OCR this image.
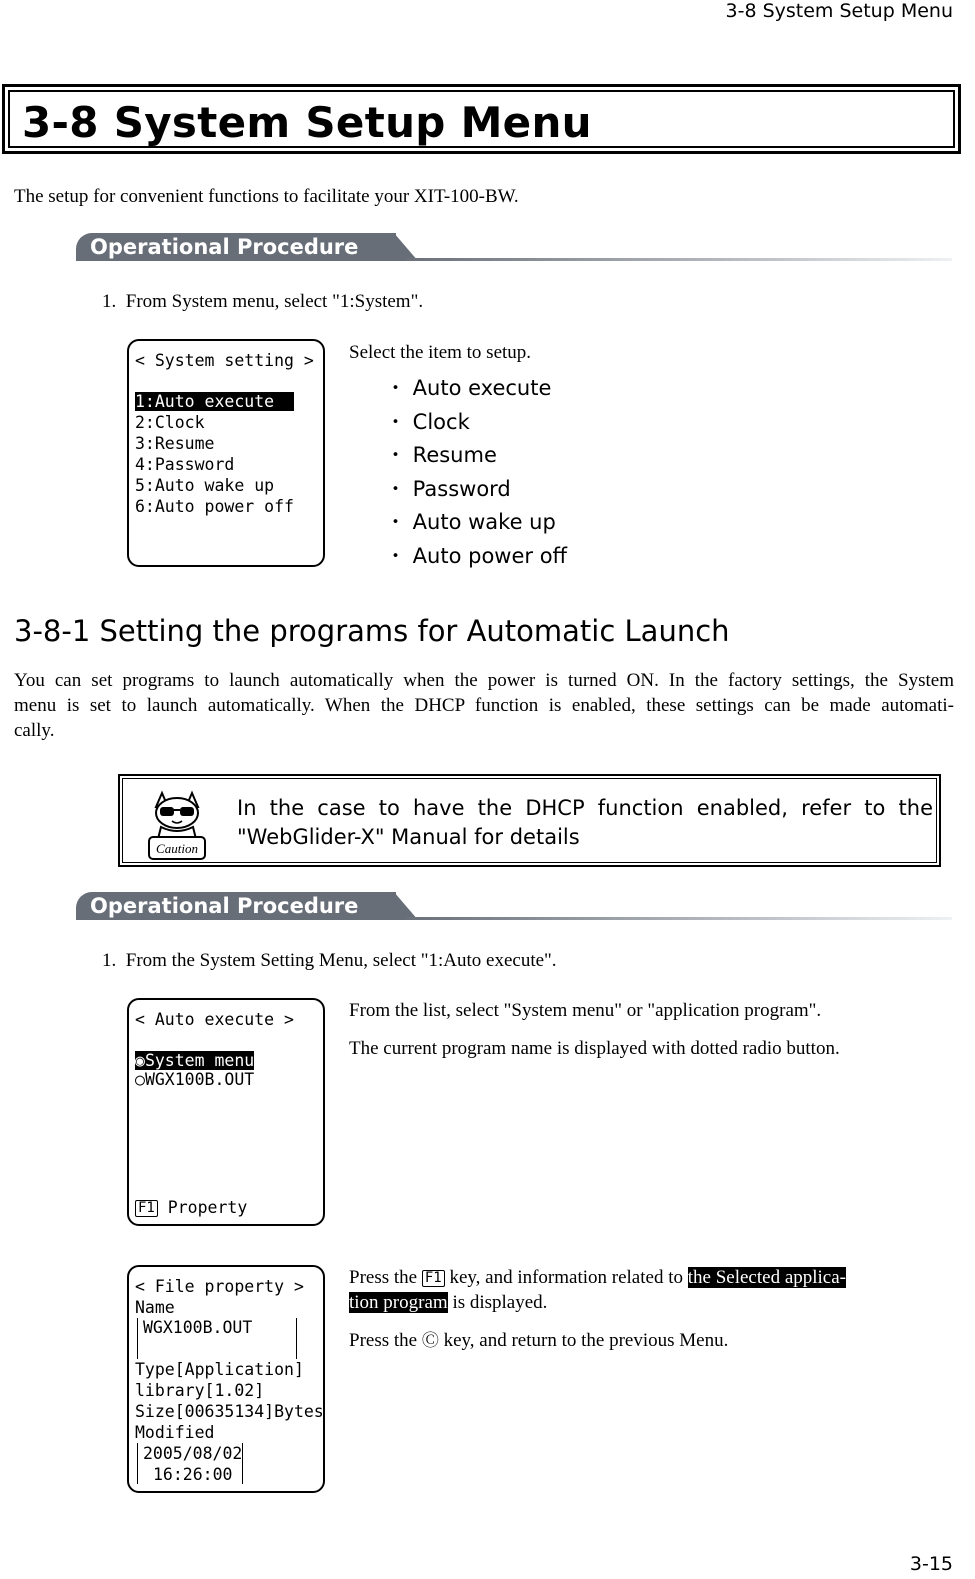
3-8 System Setup Menu
3-15
3-8 System Setup Menu
The setup for convenient functions to facilitate your XIT-100-BW.
Operational Procedure
1.  From System menu, select "1:System".
< System setting >
1:Auto execute
2:Clock
3:Resume
4:Password
5:Auto wake up
6:Auto power off
Select the item to setup.
・ Auto execute
・ Clock
・ Resume
・ Password
・ Auto wake up
・ Auto power off
3-8-1 Setting the programs for Automatic Launch
You can set programs to launch automatically when the power is turned ON. In the factory settings, the System
menu is set to launch automatically. When the DHCP function is enabled, these settings can be made automati-
cally.
Caution
In the case to have the DHCP function enabled, refer to the
"WebGlider-X" Manual for details
Operational Procedure
1.  From the System Setting Menu, select "1:Auto execute".
< Auto execute >
◉System menu
○WGX100B.OUT
F1 Property
From the list, select "System menu" or "application program".
The current program name is displayed with dotted radio button.
< File property >
Name
WGX100B.OUT
Type[Application]
library[1.02]
Size[00635134]Bytes
Modified
2005/08/02
16:26:00
Press the F1 key, and information related to the Selected applica-
tion program is displayed.
Press the Ⓒ key, and return to the previous Menu.
